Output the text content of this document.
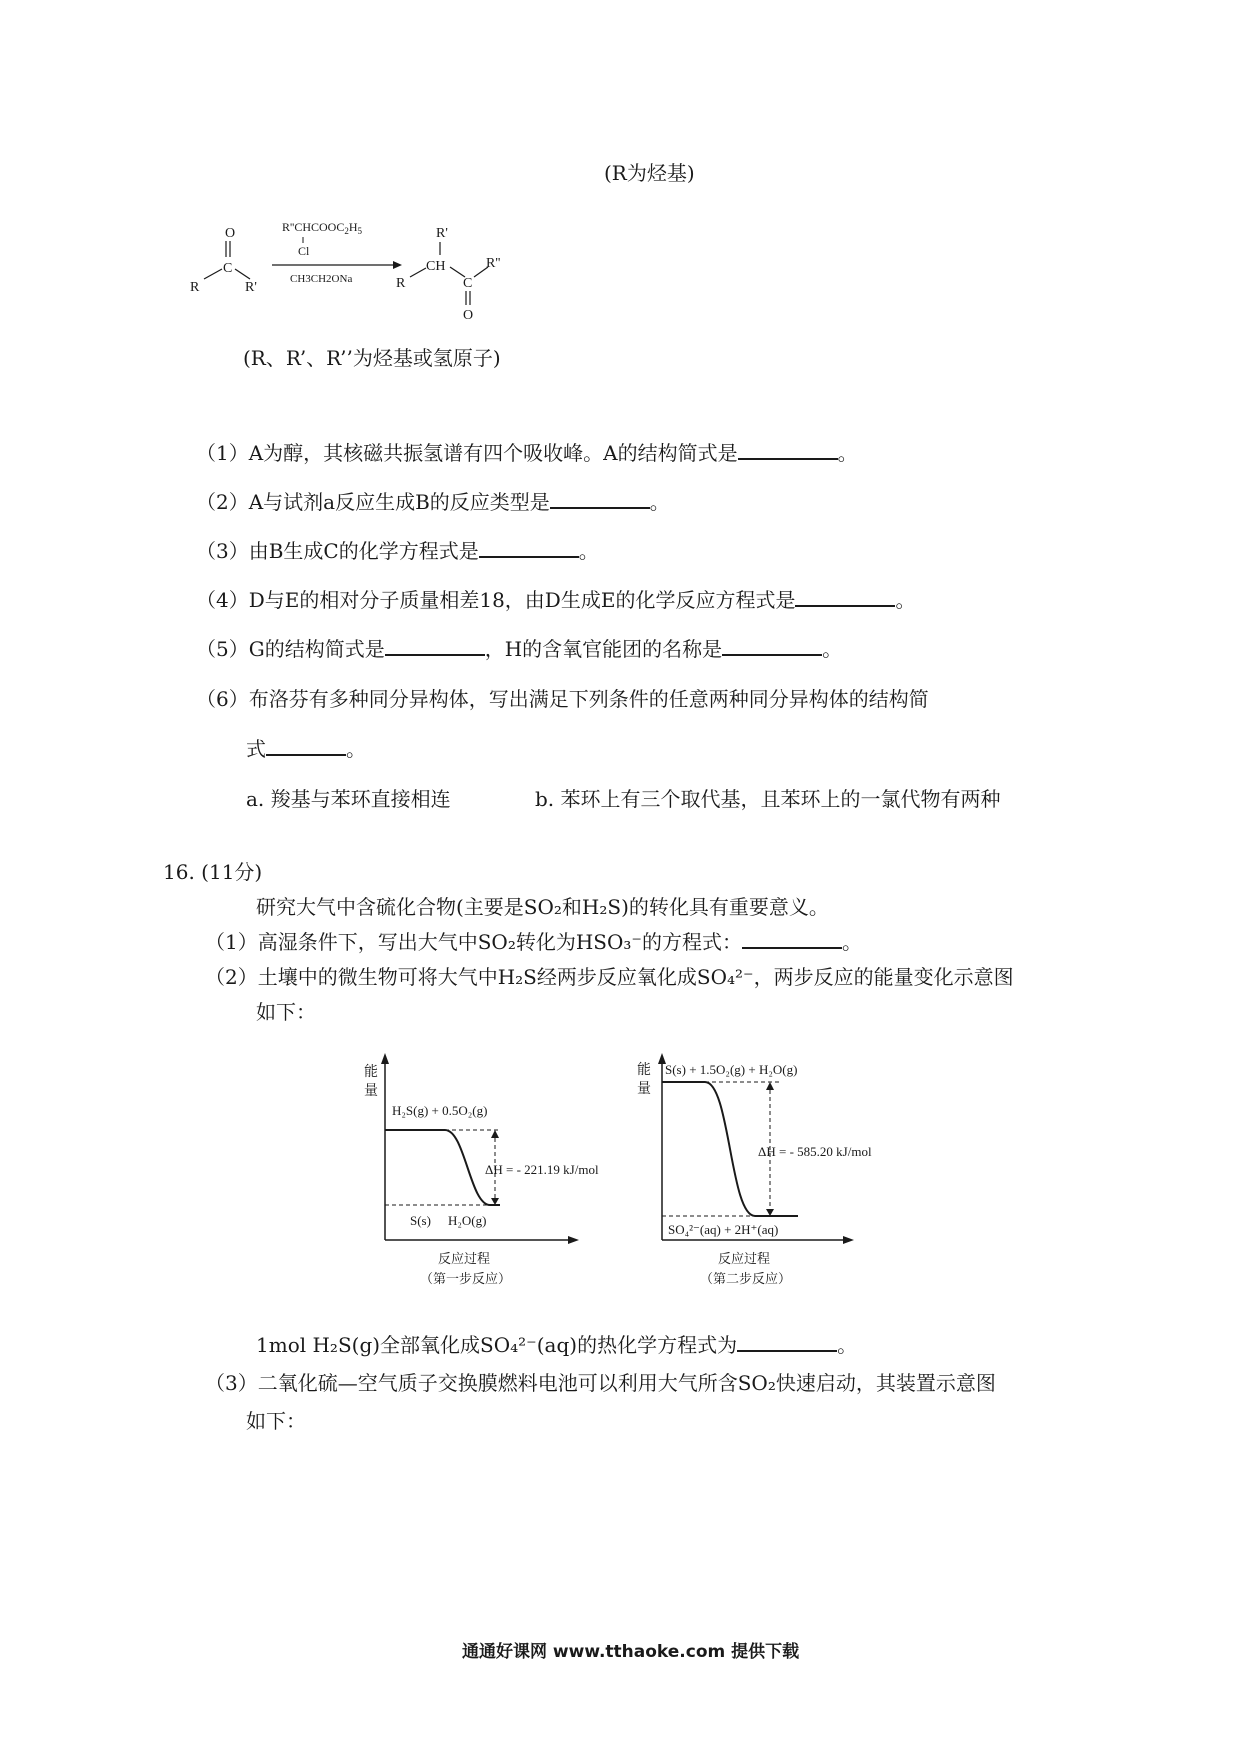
(R为烃基)
O
C
R	R'
$R''CHCOOC_2H_5$
Cl
CH3CH2ONa
R'
CH
R	C
R''
O
(R、R’、R’’为烃基或氢原子)
（1）A为醇，其核磁共振氢谱有四个吸收峰。A的结构简式是	。
（2）A与试剂a反应生成B的反应类型是	。
（3）由B生成C的化学方程式是	。
（4）D与E的相对分子质量相差18，由D生成E的化学反应方程式是	。
（5）G的结构简式是	，H的含氧官能团的名称是	。
（6）布洛芬有多种同分异构体，写出满足下列条件的任意两种同分异构体的结构简
式	。
a. 羧基与苯环直接相连	b. 苯环上有三个取代基，且苯环上的一氯代物有两种
16. (11分)
研究大气中含硫化合物(主要是SO₂和H₂S)的转化具有重要意义。
（1）高湿条件下，写出大气中SO₂转化为HSO₃⁻的方程式：	。
（2）土壤中的微生物可将大气中H₂S经两步反应氧化成SO₄²⁻，两步反应的能量变化示意图
如下：
能
量
H₂S(g) + 0.5O₂(g)
ΔH = - 221.19 kJ/mol
S(s) H₂O(g)
反应过程
（第一步反应）
能
量
S(s) + 1.5O₂(g) + H₂O(g)
ΔH = - 585.20 kJ/mol
SO₄²⁻(aq) + 2H⁺(aq)
反应过程
（第二步反应）
1mol H₂S(g)全部氧化成SO₄²⁻(aq)的热化学方程式为	。
（3）二氧化硫—空气质子交换膜燃料电池可以利用大气所含SO₂快速启动，其装置示意图
如下：
通通好课网 www.tthaoke.com 提供下载
